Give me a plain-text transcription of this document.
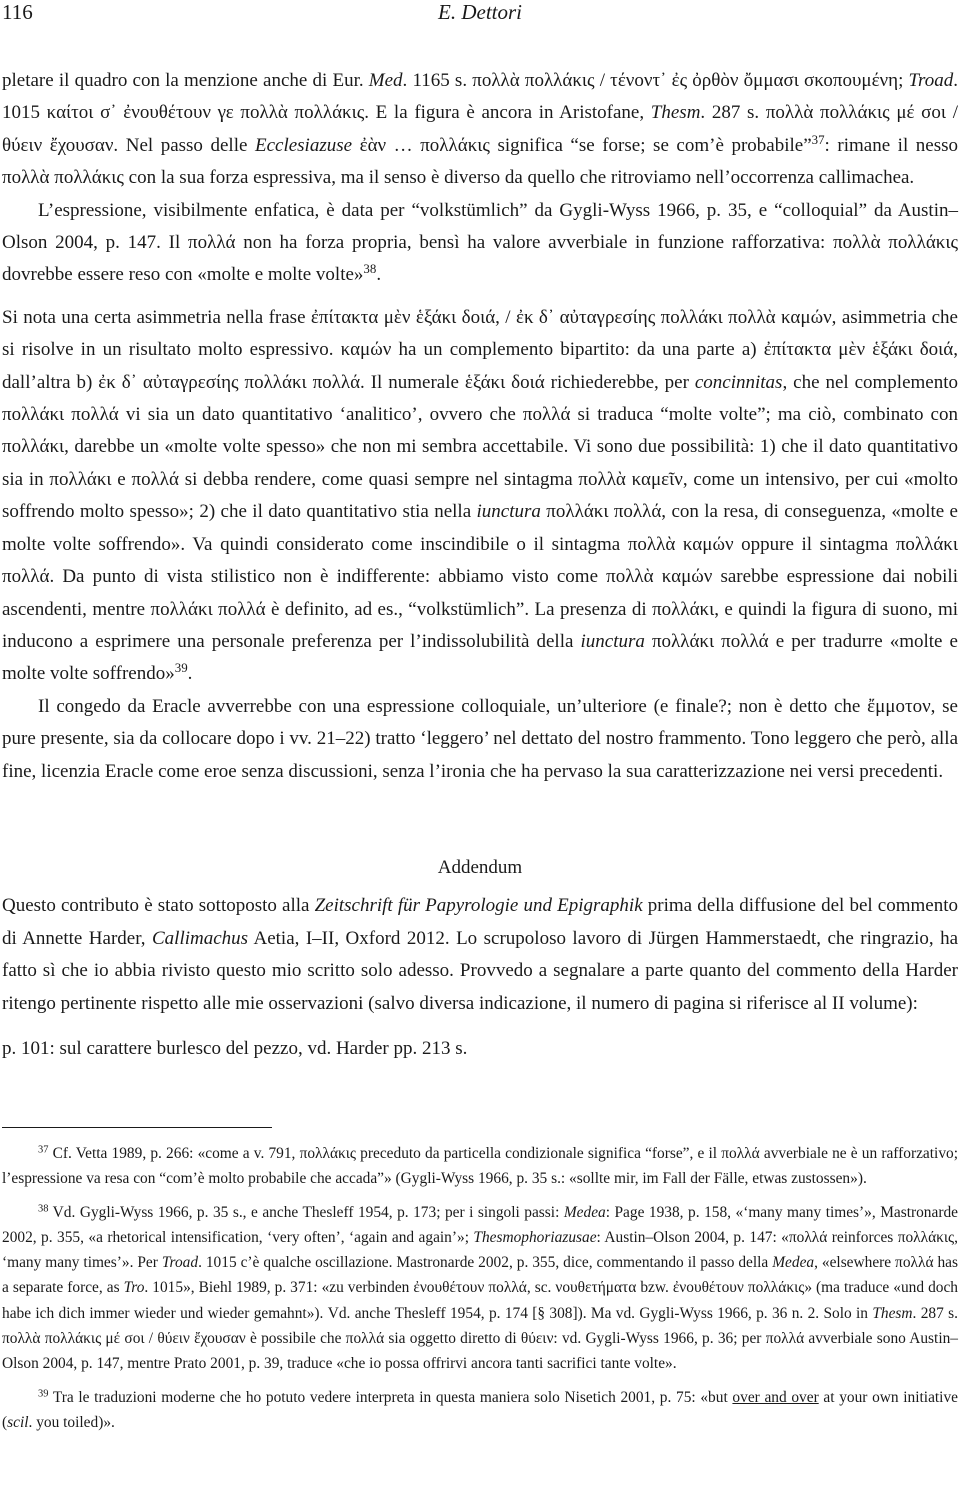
E. Dettori
116

pletare il quadro con la menzione anche di Eur. Med. 1165 s. πολλὰ πολλάκις / τένοντ᾽ ἐς ὀρθὸν ὄμμασι σκοπουμένη; Troad. 1015 καίτοι σ᾽ ἐνουθέτουν γε πολλὰ πολλάκις. E la figura è ancora in Aristofane, Thesm. 287 s. πολλὰ πολλάκις μέ σοι / θύειν ἔχουσαν. Nel passo delle Ecclesiazuse ἐὰν … πολλάκις significa “se forse; se com’è probabile”$^{37}$: rimane il nesso πολλὰ πολλάκις con la sua forza espressiva, ma il senso è diverso da quello che ritroviamo nell’occorrenza callimachea.

L’espressione, visibilmente enfatica, è data per “volkstümlich” da Gygli-Wyss 1966, p. 35, e “colloquial” da Austin–Olson 2004, p. 147. Il πολλά non ha forza propria, bensì ha valore avverbiale in funzione rafforzativa: πολλὰ πολλάκις dovrebbe essere reso con «molte e molte volte»$^{38}$.

Si nota una certa asimmetria nella frase ἐπίτακτα μὲν ἑξάκι δοιά, / ἐκ δ᾽ αὐταγρεσίης πολλάκι πολλὰ καμών, asimmetria che si risolve in un risultato molto espressivo. καμών ha un complemento bipartito: da una parte a) ἐπίτακτα μὲν ἑξάκι δοιά, dall’altra b) ἐκ δ᾽ αὐταγρεσίης πολλάκι πολλά. Il numerale ἑξάκι δοιά richiederebbe, per concinnitas, che nel complemento πολλάκι πολλά vi sia un dato quantitativo ‘analitico’, ovvero che πολλά si traduca “molte volte”; ma ciò, combinato con πολλάκι, darebbe un «molte volte spesso» che non mi sembra accettabile. Vi sono due possibilità: 1) che il dato quantitativo sia in πολλάκι e πολλά si debba rendere, come quasi sempre nel sintagma πολλὰ καμεῖν, come un intensivo, per cui «molto soffrendo molto spesso»; 2) che il dato quantitativo stia nella iunctura πολλάκι πολλά, con la resa, di conseguenza, «molte e molte volte soffrendo». Va quindi considerato come inscindibile o il sintagma πολλὰ καμών oppure il sintagma πολλάκι πολλά. Da punto di vista stilistico non è indifferente: abbiamo visto come πολλὰ καμών sarebbe espressione dai nobili ascendenti, mentre πολλάκι πολλά è definito, ad es., “volkstümlich”. La presenza di πολλάκι, e quindi la figura di suono, mi inducono a esprimere una personale preferenza per l’indissolubilità della iunctura πολλάκι πολλά e per tradurre «molte e molte volte soffrendo»$^{39}$.

Il congedo da Eracle avverrebbe con una espressione colloquiale, un’ulteriore (e finale?; non è detto che ἔμμοτον, se pure presente, sia da collocare dopo i vv. 21–22) tratto ‘leggero’ nel dettato del nostro frammento. Tono leggero che però, alla fine, licenzia Eracle come eroe senza discussioni, senza l’ironia che ha pervaso la sua caratterizzazione nei versi precedenti.

Addendum

Questo contributo è stato sottoposto alla Zeitschrift für Papyrologie und Epigraphik prima della diffusione del bel commento di Annette Harder, Callimachus Aetia, I–II, Oxford 2012. Lo scrupoloso lavoro di Jürgen Hammerstaedt, che ringrazio, ha fatto sì che io abbia rivisto questo mio scritto solo adesso. Provvedo a segnalare a parte quanto del commento della Harder ritengo pertinente rispetto alle mie osservazioni (salvo diversa indicazione, il numero di pagina si riferisce al II volume):

p. 101: sul carattere burlesco del pezzo, vd. Harder pp. 213 s.

$^{37}$ Cf. Vetta 1989, p. 266: «come a v. 791, πολλάκις preceduto da particella condizionale significa “forse”, e il πολλά avverbiale ne è un rafforzativo; l’espressione va resa con “com’è molto probabile che accada”» (Gygli-Wyss 1966, p. 35 s.: «sollte mir, im Fall der Fälle, etwas zustossen»).

$^{38}$ Vd. Gygli-Wyss 1966, p. 35 s., e anche Thesleff 1954, p. 173; per i singoli passi: Medea: Page 1938, p. 158, «‘many many times’», Mastronarde 2002, p. 355, «a rhetorical intensification, ‘very often’, ‘again and again’»; Thesmophoriazusae: Austin–Olson 2004, p. 147: «πολλά reinforces πολλάκις, ‘many many times’». Per Troad. 1015 c’è qualche oscillazione. Mastronarde 2002, p. 355, dice, commentando il passo della Medea, «elsewhere πολλά has a separate force, as Tro. 1015», Biehl 1989, p. 371: «zu verbinden ἐνουθέτουν πολλά, sc. νουθετήματα bzw. ἐνουθέτουν πολλάκις» (ma traduce «und doch habe ich dich immer wieder und wieder gemahnt»). Vd. anche Thesleff 1954, p. 174 [§ 308]). Ma vd. Gygli-Wyss 1966, p. 36 n. 2. Solo in Thesm. 287 s. πολλὰ πολλάκις μέ σοι / θύειν ἔχουσαν è possibile che πολλά sia oggetto diretto di θύειν: vd. Gygli-Wyss 1966, p. 36; per πολλά avverbiale sono Austin–Olson 2004, p. 147, mentre Prato 2001, p. 39, traduce «che io possa offrirvi ancora tanti sacrifici tante volte».

$^{39}$ Tra le traduzioni moderne che ho potuto vedere interpreta in questa maniera solo Nisetich 2001, p. 75: «but over and over at your own initiative (scil. you toiled)».
